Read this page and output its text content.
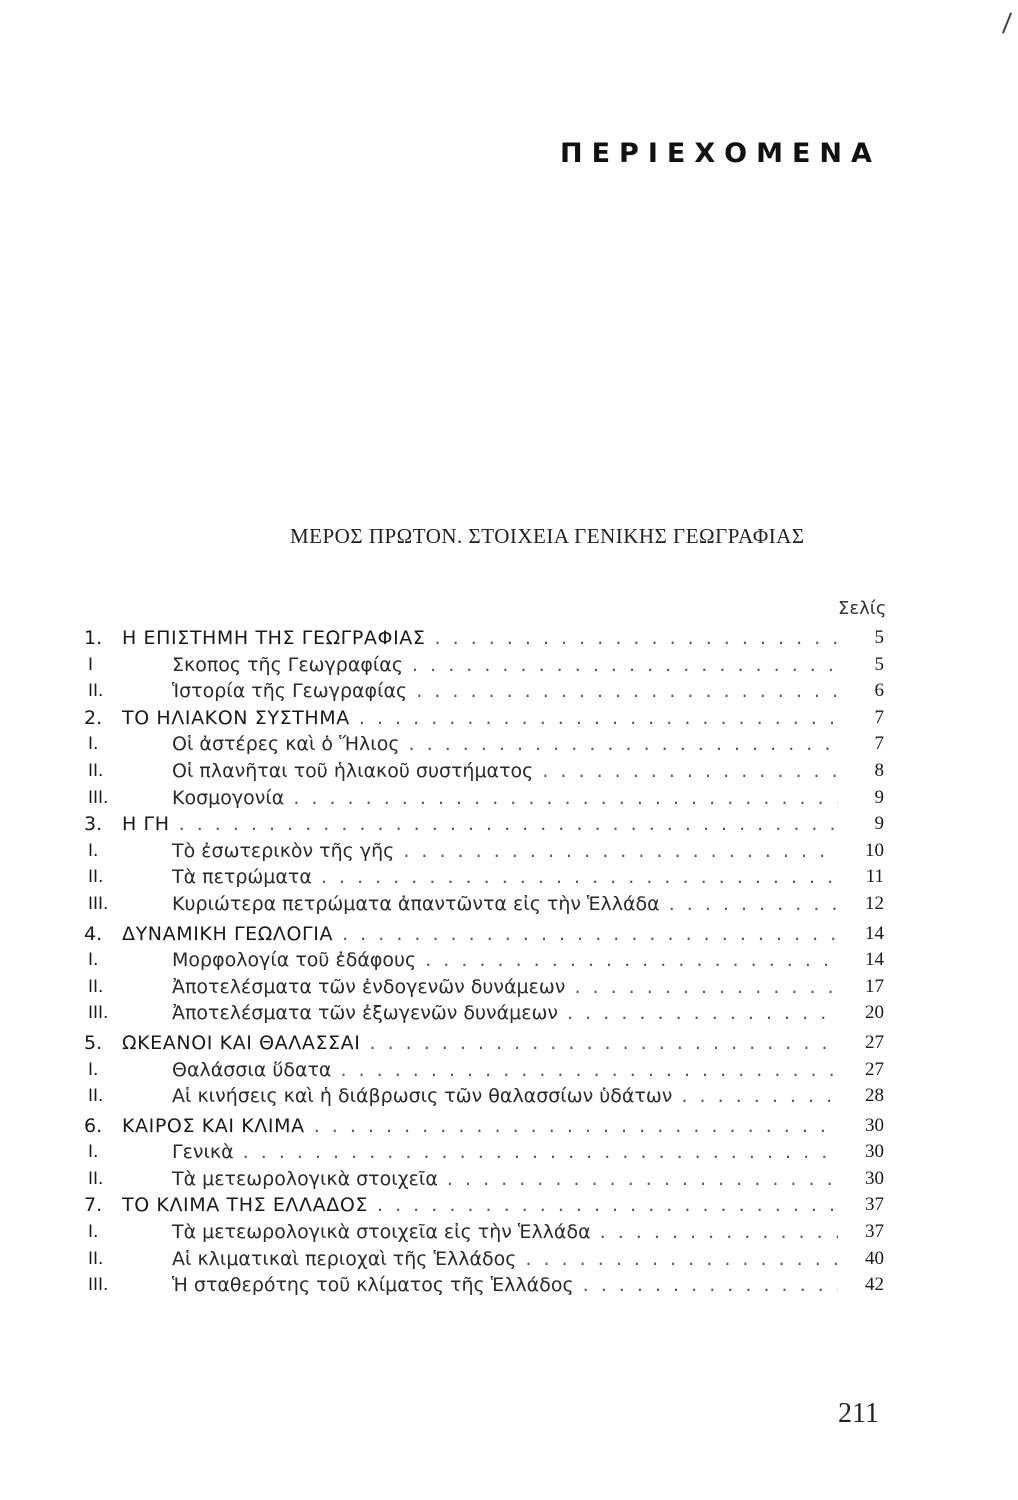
ΠΕΡΙΕΧΟΜΕΝΑ
ΜΕΡΟΣ ΠΡΩΤΟΝ. ΣΤΟΙΧΕΙΑ ΓΕΝΙΚΗΣ ΓΕΩΓΡΑΦΙΑΣ
Σελίς
1.	Η ΕΠΙΣΤΗΜΗ ΤΗΣ ΓΕΩΓΡΑΦΙΑΣ . . .	5
I	Σκοπος τῆς Γεωγραφίας . . .	5
II.	Ἱστορία τῆς Γεωγραφίας . . .	6
2.	ΤΟ ΗΛΙΑΚΟΝ ΣΥΣΤΗΜΑ . . .	7
I.	Οἱ ἀστέρες καὶ ὁ Ἥλιος . . .	7
II.	Οἱ πλανῆται τοῦ ἡλιακοῦ συστήματος . . .	8
III.	Κοσμογονία . . .	9
3.	Η ΓΗ . . .	9
I.	Τὸ ἐσωτερικὸν τῆς γῆς . . .	10
II.	Τὰ πετρώματα . . .	11
III.	Κυριώτερα πετρώματα ἀπαντῶντα εἰς τὴν Ἑλλάδα . . .	12
4.	ΔΥΝΑΜΙΚΗ ΓΕΩΛΟΓΙΑ . . .	14
I.	Μορφολογία τοῦ ἐδάφους . . .	14
II.	Ἀποτελέσματα τῶν ἐνδογενῶν δυνάμεων . . .	17
III.	Ἀποτελέσματα τῶν ἐξωγενῶν δυνάμεων . . .	20
5.	ΩΚΕΑΝΟΙ ΚΑΙ ΘΑΛΑΣΣΑΙ . . .	27
I.	Θαλάσσια ὕδατα . . .	27
II.	Αἱ κινήσεις καὶ ἡ διάβρωσις τῶν θαλασσίων ὑδάτων . . .	28
6.	ΚΑΙΡΟΣ ΚΑΙ ΚΛΙΜΑ . . .	30
I.	Γενικὰ . . .	30
II.	Τὰ μετεωρολογικὰ στοιχεῖα . . .	30
7.	ΤΟ ΚΛΙΜΑ ΤΗΣ ΕΛΛΑΔΟΣ . . .	37
I.	Τὰ μετεωρολογικὰ στοιχεῖα εἰς τὴν Ἑλλάδα . . .	37
II.	Αἱ κλιματικαὶ περιοχαὶ τῆς Ἑλλάδος . . .	40
III.	Ἡ σταθερότης τοῦ κλίματος τῆς Ἑλλάδος . . .	42
211
